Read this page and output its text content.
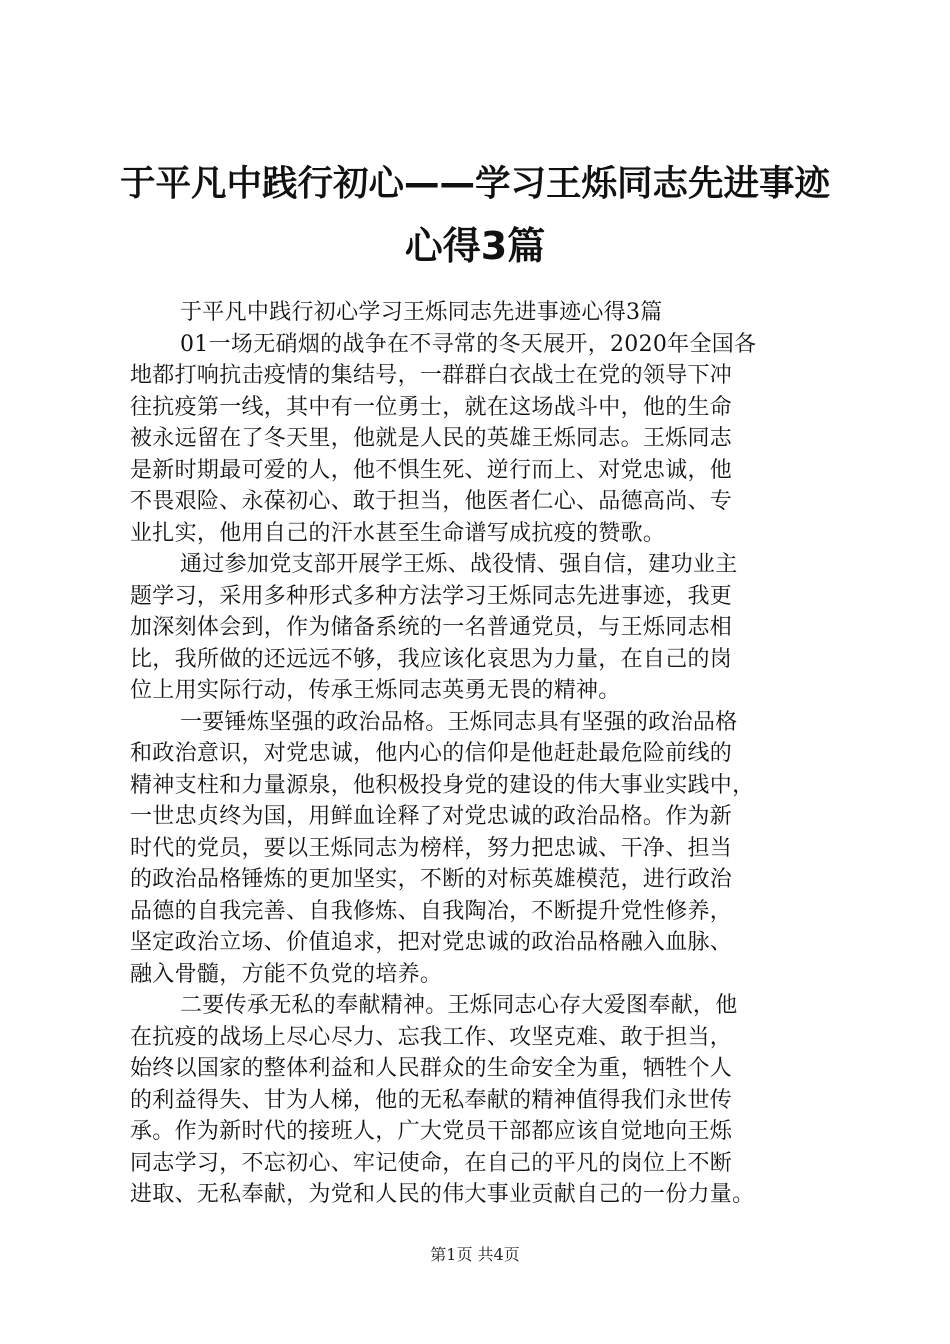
于平凡中践行初心——学习王烁同志先进事迹
心得3篇
于平凡中践行初心学习王烁同志先进事迹心得3篇
01一场无硝烟的战争在不寻常的冬天展开，2020年全国各
地都打响抗击疫情的集结号，一群群白衣战士在党的领导下冲
往抗疫第一线，其中有一位勇士，就在这场战斗中，他的生命
被永远留在了冬天里，他就是人民的英雄王烁同志。王烁同志
是新时期最可爱的人，他不惧生死、逆行而上、对党忠诚，他
不畏艰险、永葆初心、敢于担当，他医者仁心、品德高尚、专
业扎实，他用自己的汗水甚至生命谱写成抗疫的赞歌。
通过参加党支部开展学王烁、战役情、强自信，建功业主
题学习，采用多种形式多种方法学习王烁同志先进事迹，我更
加深刻体会到，作为储备系统的一名普通党员，与王烁同志相
比，我所做的还远远不够，我应该化哀思为力量，在自己的岗
位上用实际行动，传承王烁同志英勇无畏的精神。
一要锤炼坚强的政治品格。王烁同志具有坚强的政治品格
和政治意识，对党忠诚，他内心的信仰是他赶赴最危险前线的
精神支柱和力量源泉，他积极投身党的建设的伟大事业实践中，
一世忠贞终为国，用鲜血诠释了对党忠诚的政治品格。作为新
时代的党员，要以王烁同志为榜样，努力把忠诚、干净、担当
的政治品格锤炼的更加坚实，不断的对标英雄模范，进行政治
品德的自我完善、自我修炼、自我陶冶，不断提升党性修养，
坚定政治立场、价值追求，把对党忠诚的政治品格融入血脉、
融入骨髓，方能不负党的培养。
二要传承无私的奉献精神。王烁同志心存大爱图奉献，他
在抗疫的战场上尽心尽力、忘我工作、攻坚克难、敢于担当，
始终以国家的整体利益和人民群众的生命安全为重，牺牲个人
的利益得失、甘为人梯，他的无私奉献的精神值得我们永世传
承。作为新时代的接班人，广大党员干部都应该自觉地向王烁
同志学习，不忘初心、牢记使命，在自己的平凡的岗位上不断
进取、无私奉献，为党和人民的伟大事业贡献自己的一份力量。
第1页 共4页
